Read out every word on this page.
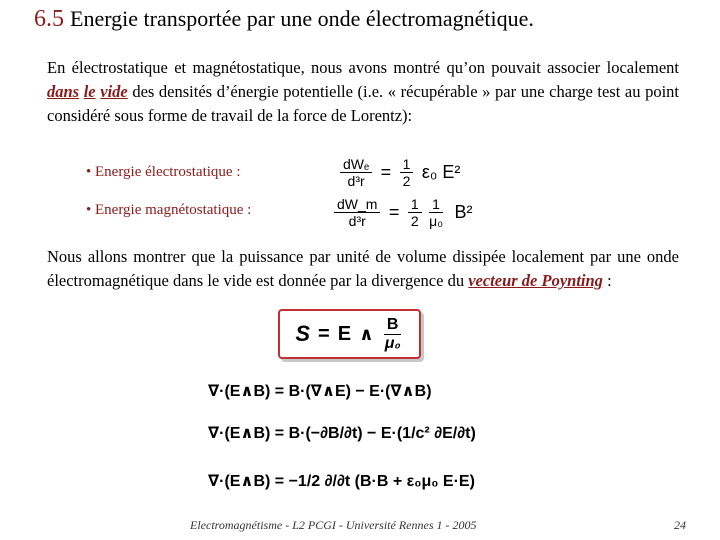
6.5 Energie transportée par une onde électromagnétique.
En électrostatique et magnétostatique, nous avons montré qu’on pouvait associer localement dans le vide des densités d’énergie potentielle (i.e. « récupérable » par une charge test au point considéré sous forme de travail de la force de Lorentz):
• Energie électrostatique :
• Energie magnétostatique :
$\frac{\text{dWₑ}}{\text{d³r}} = \frac{1}{2} \varepsilon_0$ E²
$\frac{dW\_m}{\text{d³r}} = \frac{1}{2}$
$\frac{1}{\text{μ₀}} B^2$
Nous allons montrer que la puissance par unité de volume dissipée localement par une onde électromagnétique dans le vide est donnée par la divergence du vecteur de Poynting :
S = E ∧ $\frac{B}{\text{μ₀}}$
∇·(E∧B) = B·(∇∧E) − E·(∇∧B)
∇·(E∧B) = B·(−∂B/∂t) − E·(1/c² ∂E/∂t)
∇·(E∧B) = −1/2 ∂/∂t (B·B + ε₀μ₀ E·E)
Electromagnétisme - L2 PCGI - Université Rennes 1 - 2005	24
